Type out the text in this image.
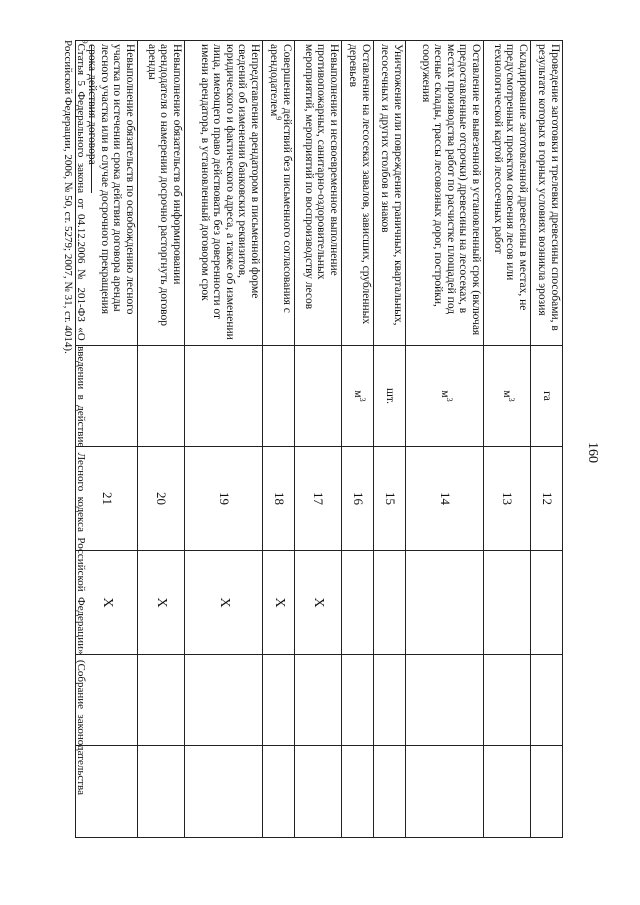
160
Проведение заготовки и трелевки древесины способами, в результате которых в горных условиях возникла эрозия	га	12			
Складирование заготовленной древесины в местах, не предусмотренных проектом освоения лесов или технологической картой лесосечных работ	$м^3$	13			
Оставление не вывезенной в установленный срок (включая предоставленные отсрочки) древесины на лесосеках, в местах производства работ по расчистке площадей под лесные склады, трассы лесовозных дорог, постройки, сооружения	$м^3$	14			
Уничтожение или повреждение граничных, квартальных, лесосечных и других столбов и знаков	шт.	15			
Оставление на лесосеках завалов, зависших, срубленных деревьев	$м^3$	16			
Невыполнение и несвоевременное выполнение противопожарных, санитарно-оздоровительных мероприятий, мероприятий по воспроизводству лесов		17	X		
Совершение действий без письменного согласования с арендодателем$^9$		18	X		
Непредставление арендатором в письменной форме сведений об изменении банковских реквизитов, юридического и фактического адреса, а также об изменении лица, имеющего право действовать без доверенности от имени арендатора, в установленный договором срок		19	X		
Невыполнение обязательств об информировании арендодателя о намерении досрочно расторгнуть договор аренды		20	X		
Невыполнение обязательств по освобождению лесного участка по истечении срока действия договора аренды лесного участка или в случае досрочного прекращения срока действия договора		21	X		
$^9$Статья 5 Федерального закона от 04.12.2006 № 201-ФЗ «О введении в действие Лесного кодекса Российской Федерации» (Собрание законодательства Российской Федерации, 2006, № 50, ст. 5279; 2007, № 31, ст. 4014).
